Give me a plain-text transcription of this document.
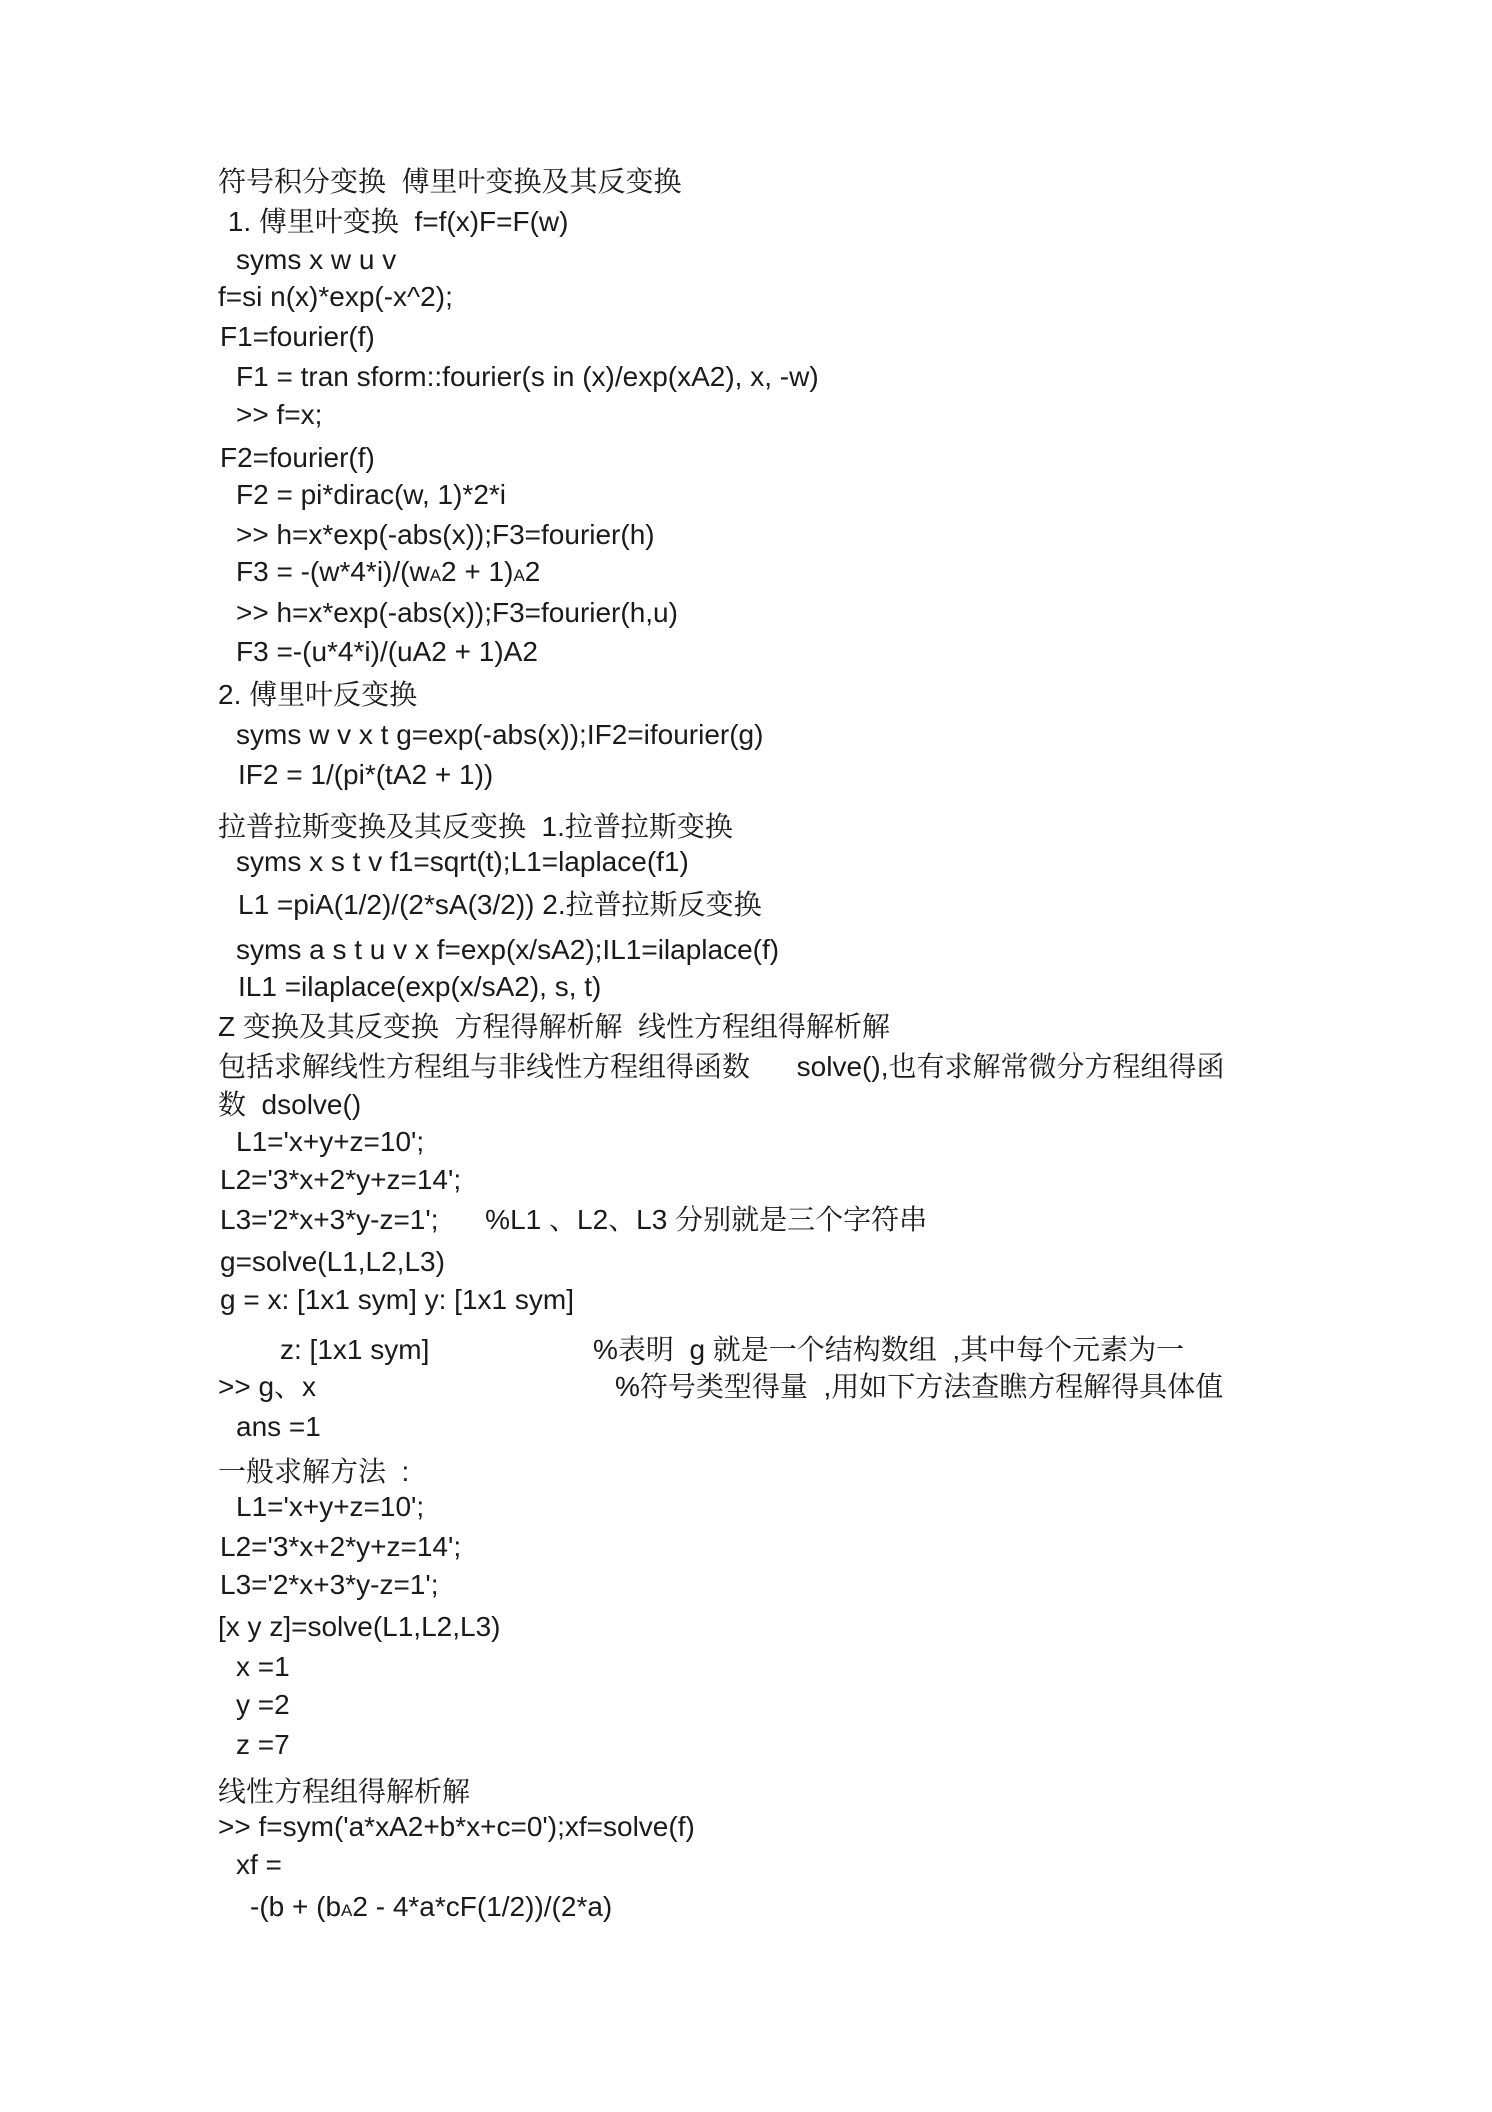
符号积分变换  傅里叶变换及其反变换
1. 傅里叶变换  f=f(x)F=F(w)
syms x w u v
f=si n(x)*exp(-x^2);
F1=fourier(f)
F1 = tran sform::fourier(s in (x)/exp(xA2), x, -w)
>> f=x;
F2=fourier(f)
F2 = pi*dirac(w, 1)*2*i
>> h=x*exp(-abs(x));F3=fourier(h)
F3 = -(w*4*i)/(wA2 + 1)A2
>> h=x*exp(-abs(x));F3=fourier(h,u)
F3 =-(u*4*i)/(uA2 + 1)A2
2. 傅里叶反变换
syms w v x t g=exp(-abs(x));IF2=ifourier(g)
IF2 = 1/(pi*(tA2 + 1))
拉普拉斯变换及其反变换  1.拉普拉斯变换
syms x s t v f1=sqrt(t);L1=laplace(f1)
L1 =piA(1/2)/(2*sA(3/2)) 2.拉普拉斯反变换
syms a s t u v x f=exp(x/sA2);IL1=ilaplace(f)
IL1 =ilaplace(exp(x/sA2), s, t)
Z 变换及其反变换  方程得解析解  线性方程组得解析解
包括求解线性方程组与非线性方程组得函数      solve(),也有求解常微分方程组得函
数  dsolve()
L1='x+y+z=10';
L2='3*x+2*y+z=14';
L3='2*x+3*y-z=1';      %L1 、L2、L3 分别就是三个字符串
g=solve(L1,L2,L3)
g = x: [1x1 sym] y: [1x1 sym]
z: [1x1 sym]	%表明  g 就是一个结构数组  ,其中每个元素为一
>> g、x	%符号类型得量  ,用如下方法查瞧方程解得具体值
ans =1
一般求解方法  :
L1='x+y+z=10';
L2='3*x+2*y+z=14';
L3='2*x+3*y-z=1';
[x y z]=solve(L1,L2,L3)
x =1
y =2
z =7
线性方程组得解析解
>> f=sym('a*xA2+b*x+c=0');xf=solve(f)
xf =
-(b + (bA2 - 4*a*cF(1/2))/(2*a)
